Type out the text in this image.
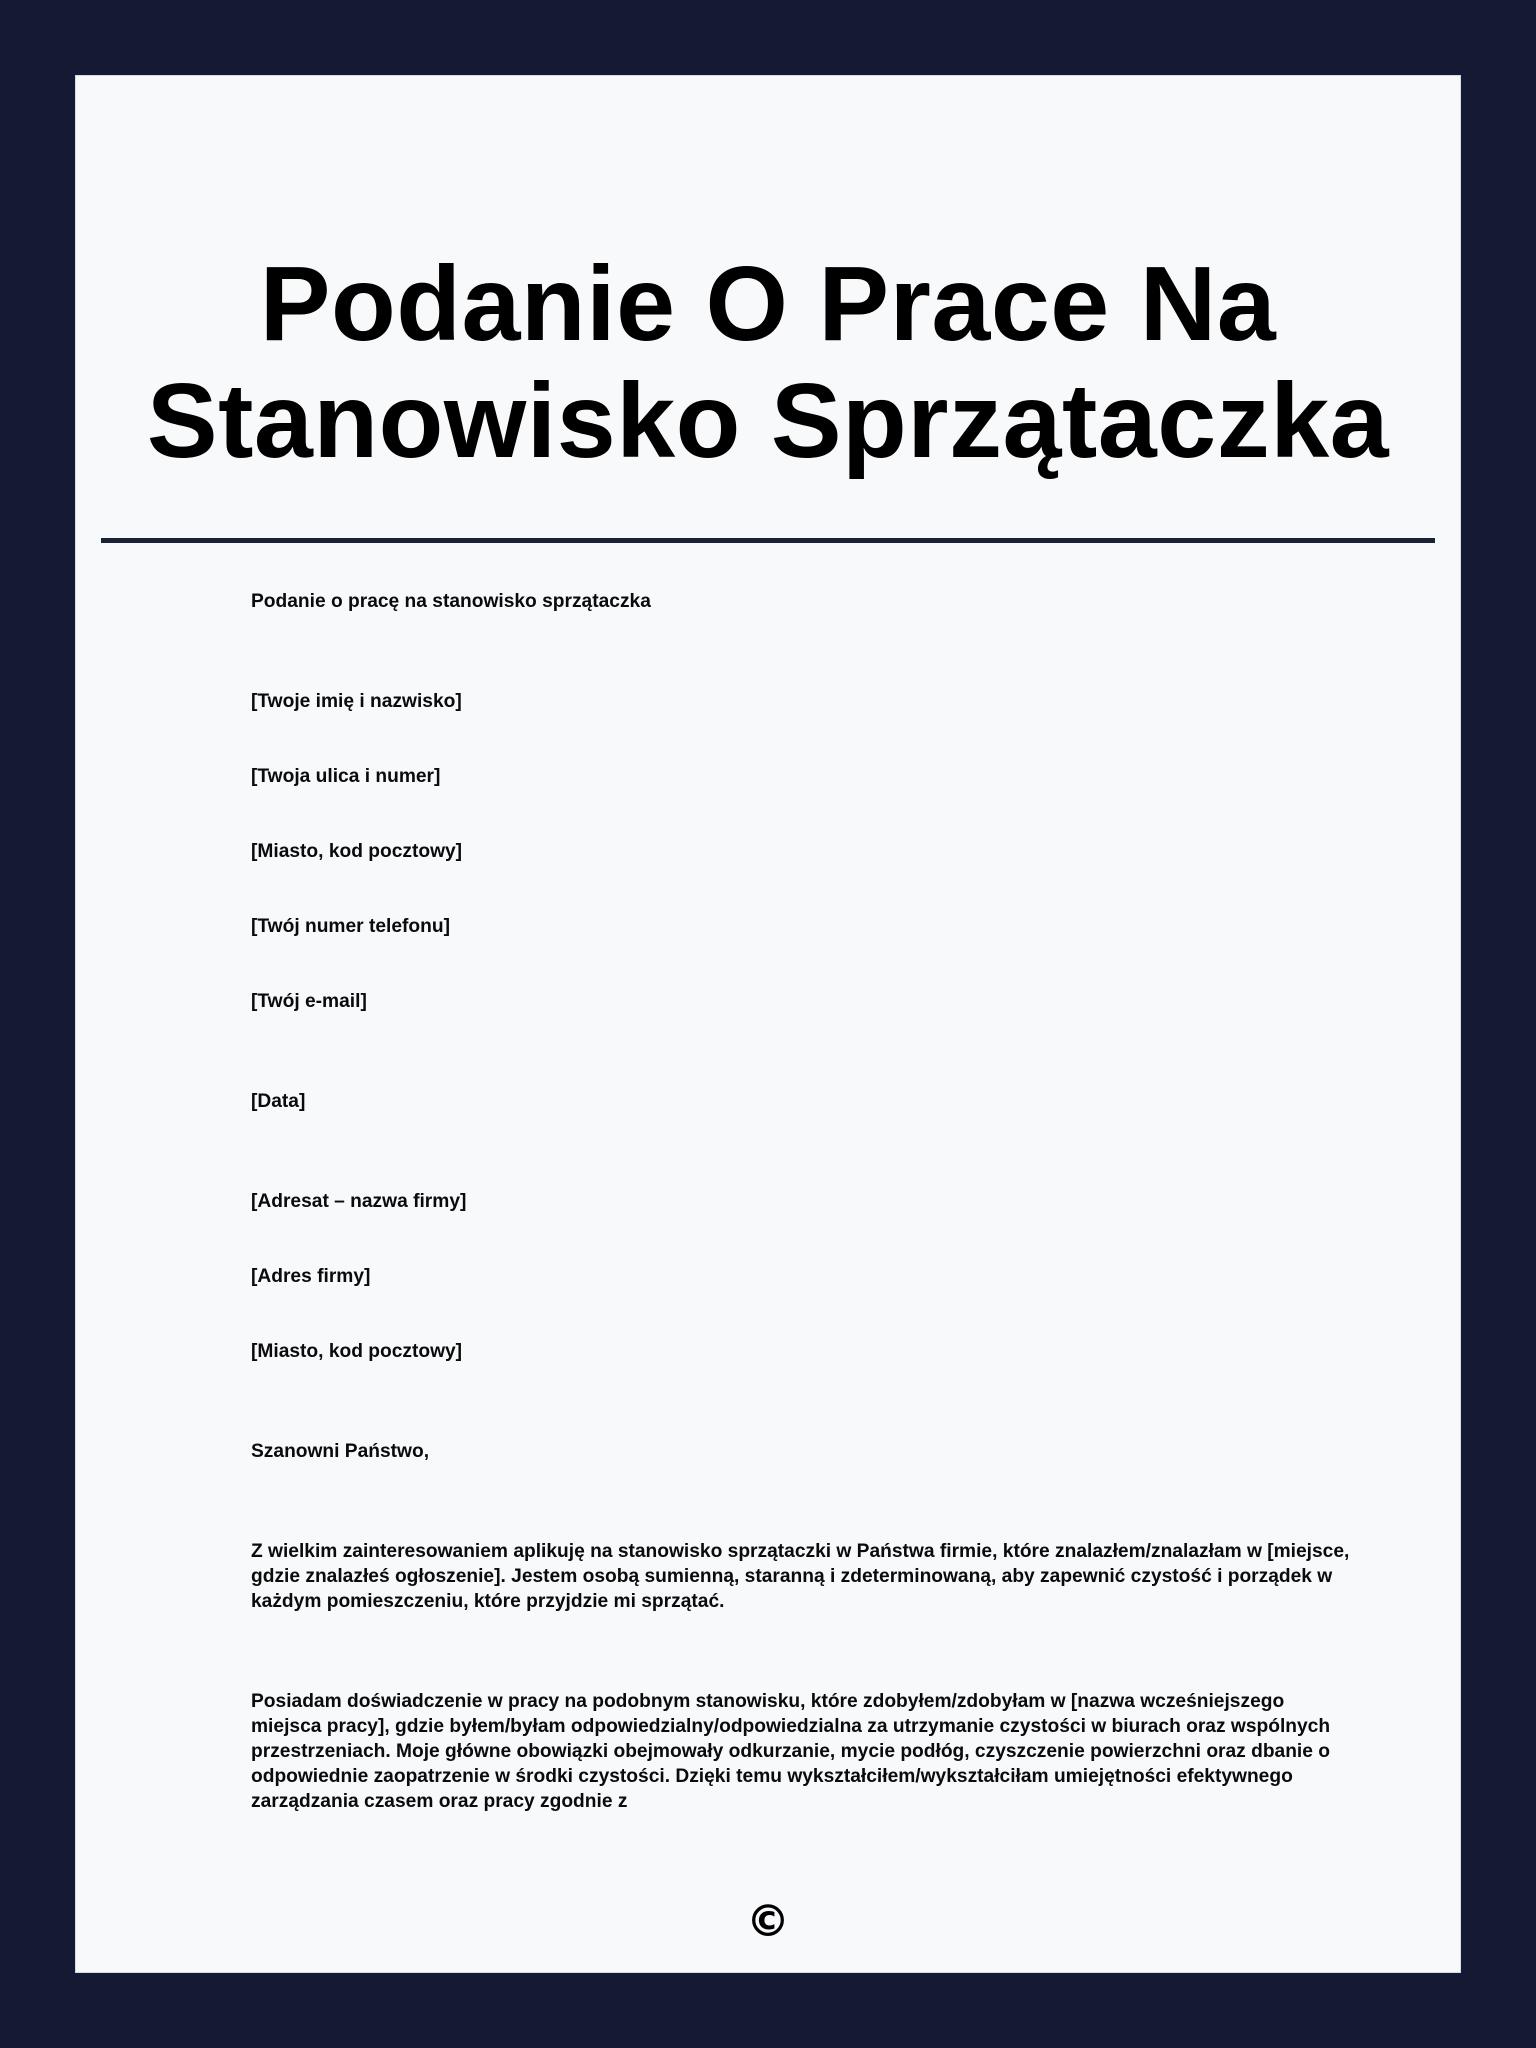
Podanie O Prace Na Stanowisko Sprzątaczka

Podanie o pracę na stanowisko sprzątaczka

[Twoje imię i nazwisko]

[Twoja ulica i numer]

[Miasto, kod pocztowy]

[Twój numer telefonu]

[Twój e-mail]

[Data]

[Adresat – nazwa firmy]

[Adres firmy]

[Miasto, kod pocztowy]

Szanowni Państwo,

Z wielkim zainteresowaniem aplikuję na stanowisko sprzątaczki w Państwa firmie, które znalazłem/znalazłam w [miejsce, gdzie znalazłeś ogłoszenie]. Jestem osobą sumienną, staranną i zdeterminowaną, aby zapewnić czystość i porządek w każdym pomieszczeniu, które przyjdzie mi sprzątać.

Posiadam doświadczenie w pracy na podobnym stanowisku, które zdobyłem/zdobyłam w [nazwa wcześniejszego miejsca pracy], gdzie byłem/byłam odpowiedzialny/odpowiedzialna za utrzymanie czystości w biurach oraz wspólnych przestrzeniach. Moje główne obowiązki obejmowały odkurzanie, mycie podłóg, czyszczenie powierzchni oraz dbanie o odpowiednie zaopatrzenie w środki czystości. Dzięki temu wykształciłem/wykształciłam umiejętności efektywnego zarządzania czasem oraz pracy zgodnie z

©
